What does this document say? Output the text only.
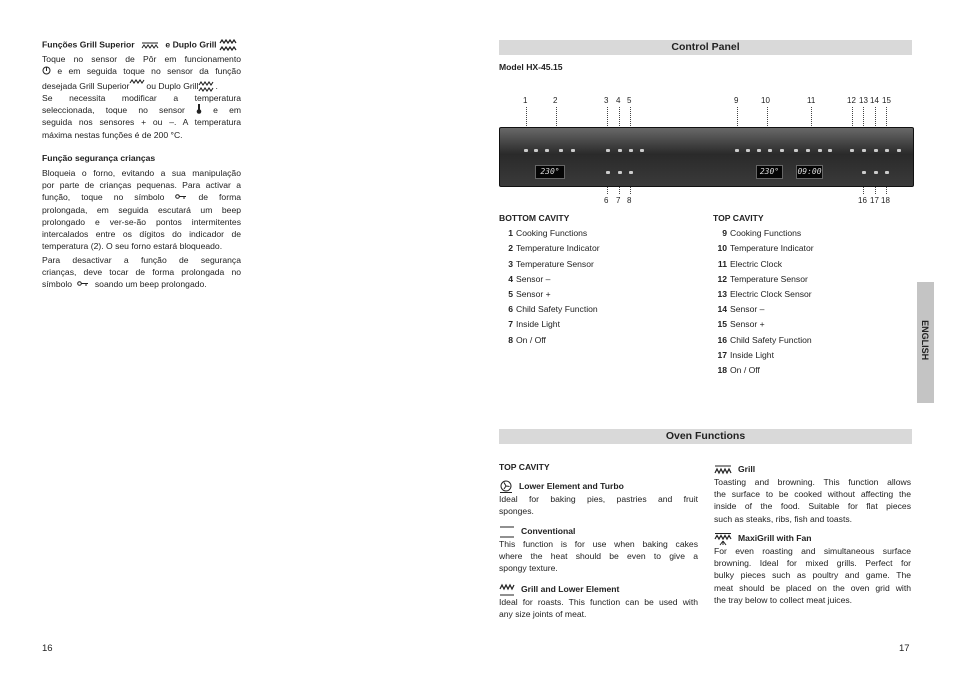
Funções Grill Superior	e Duplo Grill

Toque no sensor de Pôr em funcionamento

e em seguida toque no sensor da função

desejada Grill Superior ou Duplo Grill .

Se necessita modificar a temperatura

seleccionada, toque no sensor	e em

seguida nos sensores + ou –. A temperatura

máxima nestas funções é de 200 °C.

Função segurança crianças

Bloqueia o forno, evitando a sua manipulação

por parte de crianças pequenas. Para activar a

função, toque no símbolo	de forma

prolongada, em seguida escutará um beep

prolongado e ver-se-ão pontos intermitentes

intercalados entre os dígitos do indicador de

temperatura (2). O seu forno estará bloqueado.

Para desactivar a função de segurança

crianças, deve tocar de forma prolongada no

símbolo	soando um beep prolongado.

16
Control Panel
Model HX-45.15
1	2	3 4 5	9	10	11	12 13 14 15
230°	230°	09:00
6 7 8	16 17 18
BOTTOM CAVITY
1 Cooking Functions
2 Temperature Indicator
3 Temperature Sensor
4 Sensor –
5 Sensor +
6 Child Safety Function
7 Inside Light
8 On / Off
TOP CAVITY
9 Cooking Functions
10 Temperature Indicator
11 Electric Clock
12 Temperature Sensor
13 Electric Clock Sensor
14 Sensor –
15 Sensor +
16 Child Safety Function
17 Inside Light
18 On / Off
Oven Functions
TOP CAVITY
Lower Element and Turbo

Ideal for baking pies, pastries and fruit

sponges.

Conventional

This function is for use when baking cakes

where the heat should be even to give a

spongy texture.

Grill and Lower Element

Ideal for roasts. This function can be used with

any size joints of meat.

Grill

Toasting and browning. This function allows

the surface to be cooked without affecting the

inside of the food. Suitable for flat pieces

such as steaks, ribs, fish and toasts.

MaxiGrill with Fan

For even roasting and simultaneous surface

browning. Ideal for mixed grills. Perfect for

bulky pieces such as poultry and game. The

meat should be placed on the oven grid with

the tray below to collect meat juices.

ENGLISH
17
